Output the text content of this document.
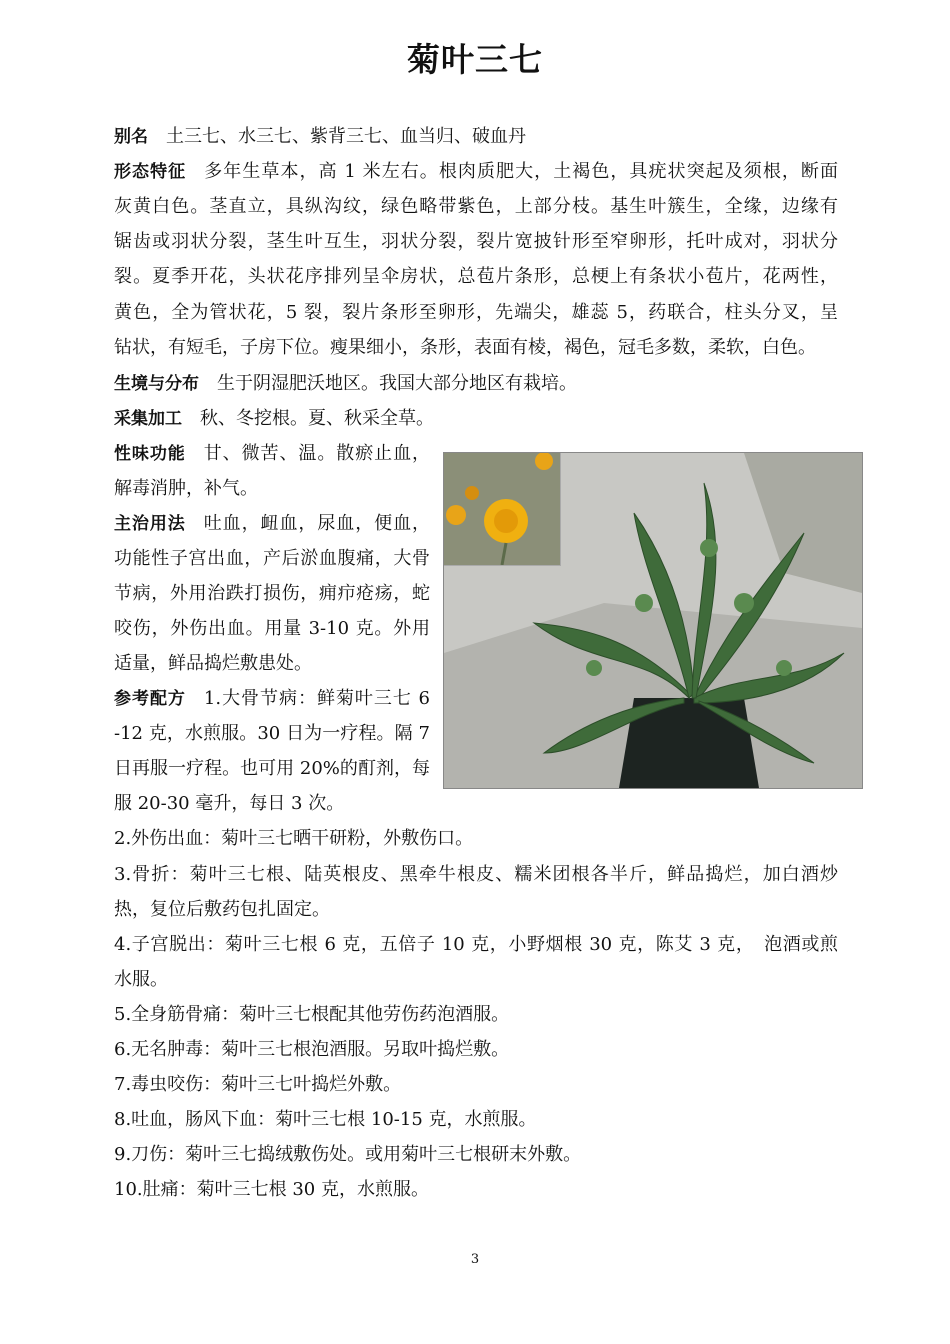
菊叶三七

别名 土三七、水三七、紫背三七、血当归、破血丹

形态特征 多年生草本，高 1 米左右。根肉质肥大，土褐色，具疣状突起及须根，断面

灰黄白色。茎直立，具纵沟纹，绿色略带紫色，上部分枝。基生叶簇生，全缘，边缘有

锯齿或羽状分裂，茎生叶互生，羽状分裂，裂片宽披针形至窄卵形，托叶成对，羽状分

裂。夏季开花，头状花序排列呈伞房状，总苞片条形，总梗上有条状小苞片，花两性，

黄色，全为管状花，5 裂，裂片条形至卵形，先端尖，雄蕊 5，药联合，柱头分叉，呈

钻状，有短毛，子房下位。瘦果细小，条形，表面有棱，褐色，冠毛多数，柔软，白色。

生境与分布 生于阴湿肥沃地区。我国大部分地区有栽培。

采集加工 秋、冬挖根。夏、秋采全草。

性味功能 甘、微苦、温。散瘀止血，

解毒消肿，补气。

主治用法 吐血，衄血，尿血，便血，

功能性子宫出血，产后淤血腹痛，大骨

节病，外用治跌打损伤，痈疖疮疡，蛇

咬伤，外伤出血。用量 3-10 克。外用

适量，鲜品捣烂敷患处。

参考配方 1.大骨节病：鲜菊叶三七 6

-12 克，水煎服。30 日为一疗程。隔 7

日再服一疗程。也可用 20%的酊剂，每

服 20-30 毫升，每日 3 次。

2.外伤出血：菊叶三七晒干研粉，外敷伤口。

3.骨折：菊叶三七根、陆英根皮、黑牵牛根皮、糯米团根各半斤，鲜品捣烂，加白酒炒

热，复位后敷药包扎固定。

4.子宫脱出：菊叶三七根 6 克，五倍子 10 克，小野烟根 30 克，陈艾 3 克，　泡酒或煎

水服。

5.全身筋骨痛：菊叶三七根配其他劳伤药泡酒服。

6.无名肿毒：菊叶三七根泡酒服。另取叶捣烂敷。

7.毒虫咬伤：菊叶三七叶捣烂外敷。

8.吐血，肠风下血：菊叶三七根 10-15 克，水煎服。

9.刀伤：菊叶三七捣绒敷伤处。或用菊叶三七根研末外敷。

10.肚痛：菊叶三七根 30 克，水煎服。

3
